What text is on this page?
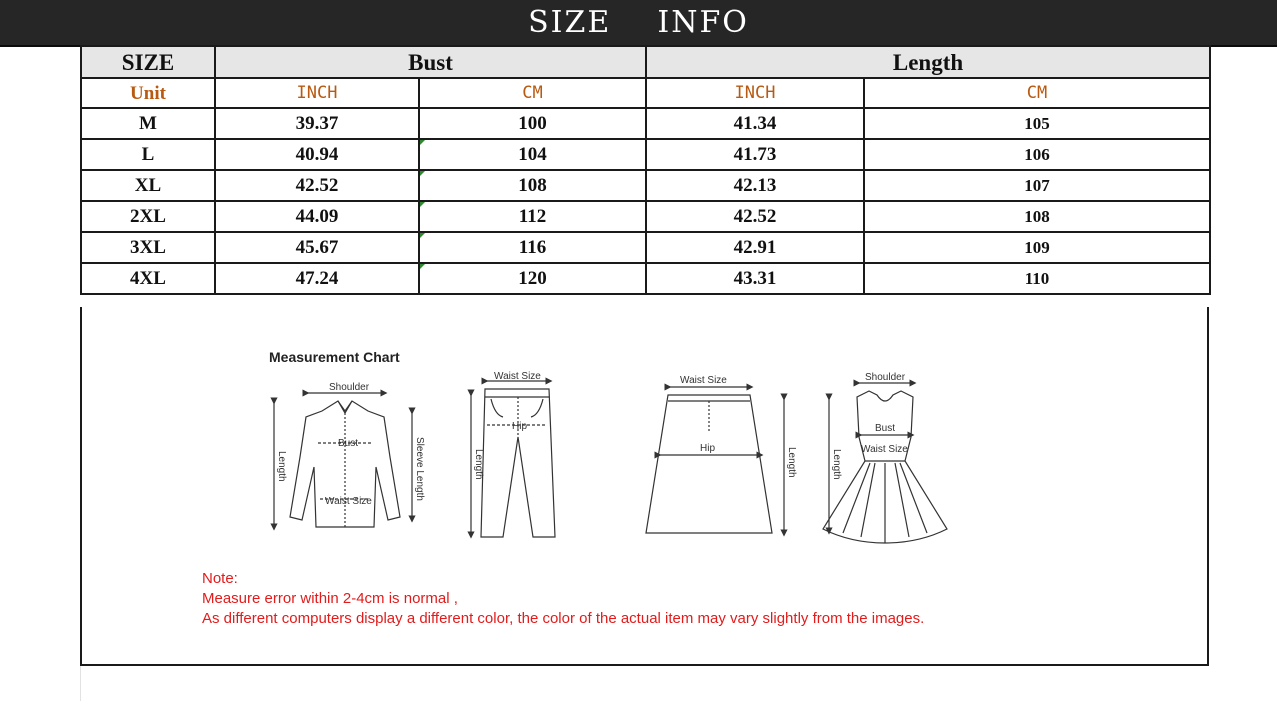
SIZE    INFO
SIZE	Bust		Length	
Unit	INCH	CM	INCH	CM
M	39.37	100	41.34	105
L	40.94	104	41.73	106
XL	42.52	108	42.13	107
2XL	44.09	112	42.52	108
3XL	45.67	116	42.91	109
4XL	47.24	120	43.31	110
Measurement Chart
Shoulder
Bust
Waist Size
Length	Sleeve Length
Waist Size
Hip
Length
Waist Size
Hip	Length
Shoulder
Bust
Waist Size
Length
Note:
Measure error within 2-4cm is normal ,
As different computers display a different color, the color of the actual item may vary slightly from the images.
